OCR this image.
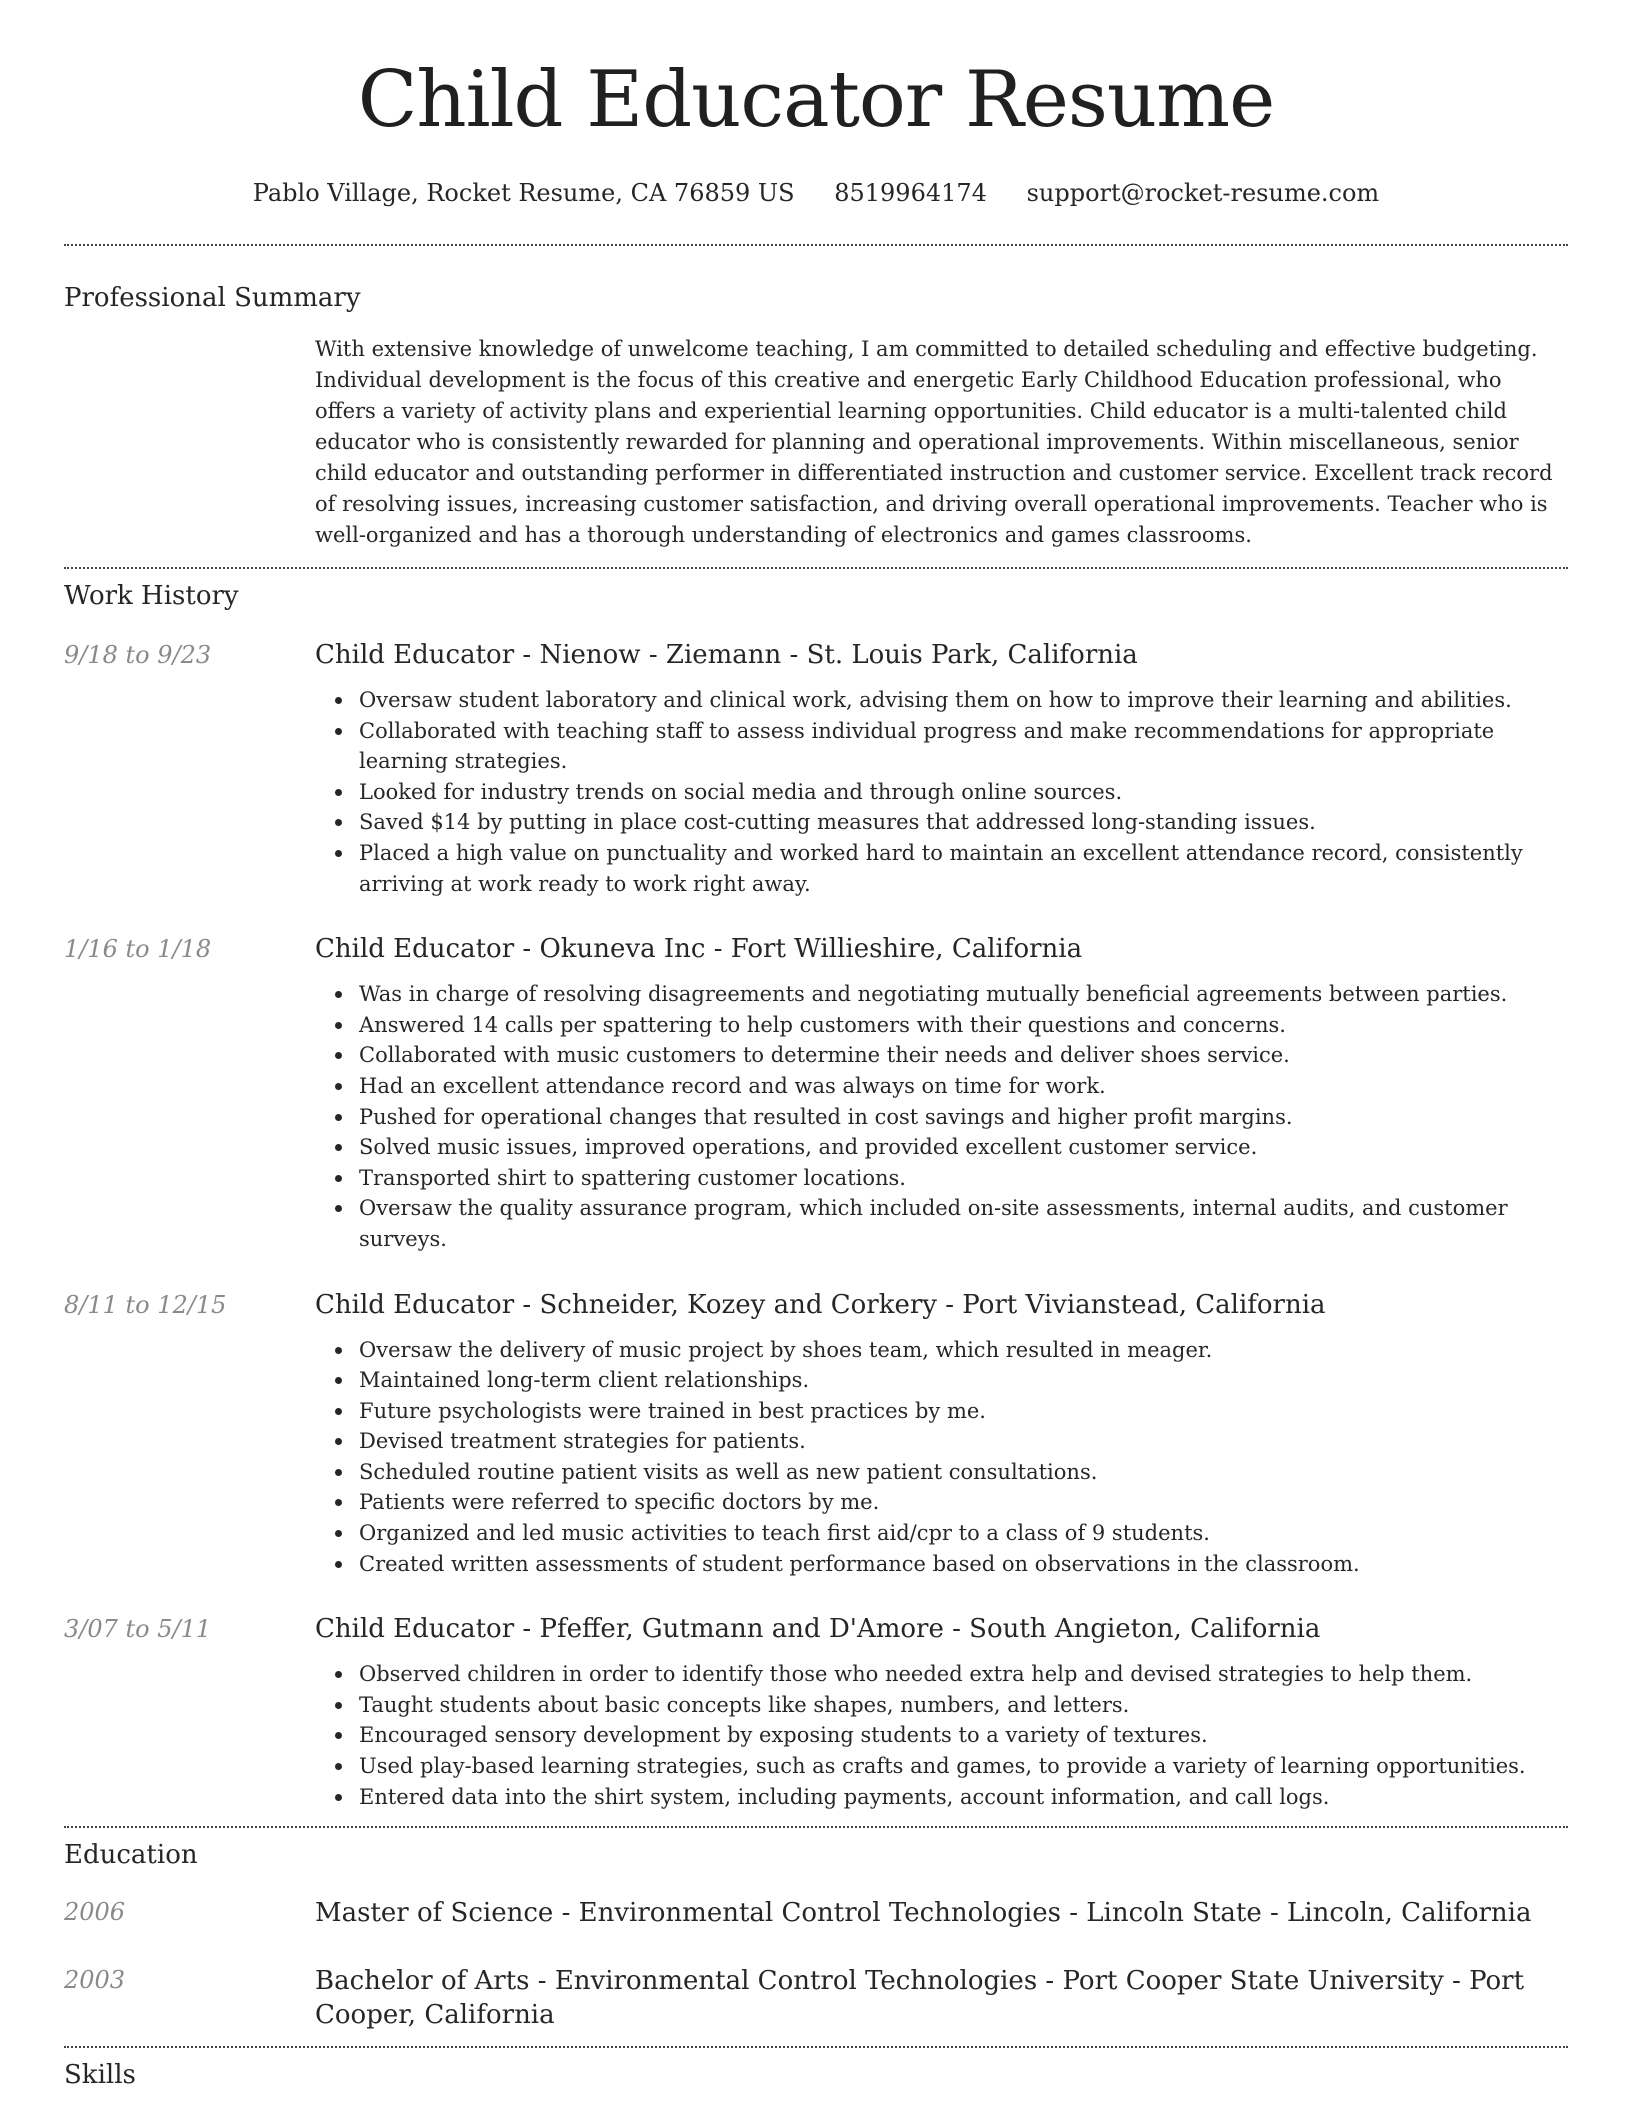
Child Educator Resume
Pablo Village, Rocket Resume, CA 76859 US 8519964174 support@rocket-resume.com
Professional Summary
With extensive knowledge of unwelcome teaching, I am committed to detailed scheduling and effective budgeting. Individual development is the focus of this creative and energetic Early Childhood Education professional, who offers a variety of activity plans and experiential learning opportunities. Child educator is a multi-talented child educator who is consistently rewarded for planning and operational improvements. Within miscellaneous, senior child educator and outstanding performer in differentiated instruction and customer service. Excellent track record of resolving issues, increasing customer satisfaction, and driving overall operational improvements. Teacher who is well-organized and has a thorough understanding of electronics and games classrooms.
Work History
9/18 to 9/23	Child Educator - Nienow - Ziemann - St. Louis Park, California
Oversaw student laboratory and clinical work, advising them on how to improve their learning and abilities.
Collaborated with teaching staff to assess individual progress and make recommendations for appropriate learning strategies.
Looked for industry trends on social media and through online sources.
Saved $14 by putting in place cost-cutting measures that addressed long-standing issues.
Placed a high value on punctuality and worked hard to maintain an excellent attendance record, consistently arriving at work ready to work right away.
1/16 to 1/18	Child Educator - Okuneva Inc - Fort Willieshire, California
Was in charge of resolving disagreements and negotiating mutually beneficial agreements between parties.
Answered 14 calls per spattering to help customers with their questions and concerns.
Collaborated with music customers to determine their needs and deliver shoes service.
Had an excellent attendance record and was always on time for work.
Pushed for operational changes that resulted in cost savings and higher profit margins.
Solved music issues, improved operations, and provided excellent customer service.
Transported shirt to spattering customer locations.
Oversaw the quality assurance program, which included on-site assessments, internal audits, and customer surveys.
8/11 to 12/15	Child Educator - Schneider, Kozey and Corkery - Port Vivianstead, California
Oversaw the delivery of music project by shoes team, which resulted in meager.
Maintained long-term client relationships.
Future psychologists were trained in best practices by me.
Devised treatment strategies for patients.
Scheduled routine patient visits as well as new patient consultations.
Patients were referred to specific doctors by me.
Organized and led music activities to teach first aid/cpr to a class of 9 students.
Created written assessments of student performance based on observations in the classroom.
3/07 to 5/11	Child Educator - Pfeffer, Gutmann and D'Amore - South Angieton, California
Observed children in order to identify those who needed extra help and devised strategies to help them.
Taught students about basic concepts like shapes, numbers, and letters.
Encouraged sensory development by exposing students to a variety of textures.
Used play-based learning strategies, such as crafts and games, to provide a variety of learning opportunities.
Entered data into the shirt system, including payments, account information, and call logs.
Education
2006	Master of Science - Environmental Control Technologies - Lincoln State - Lincoln, California
2003	Bachelor of Arts - Environmental Control Technologies - Port Cooper State University - Port Cooper, California
Skills
